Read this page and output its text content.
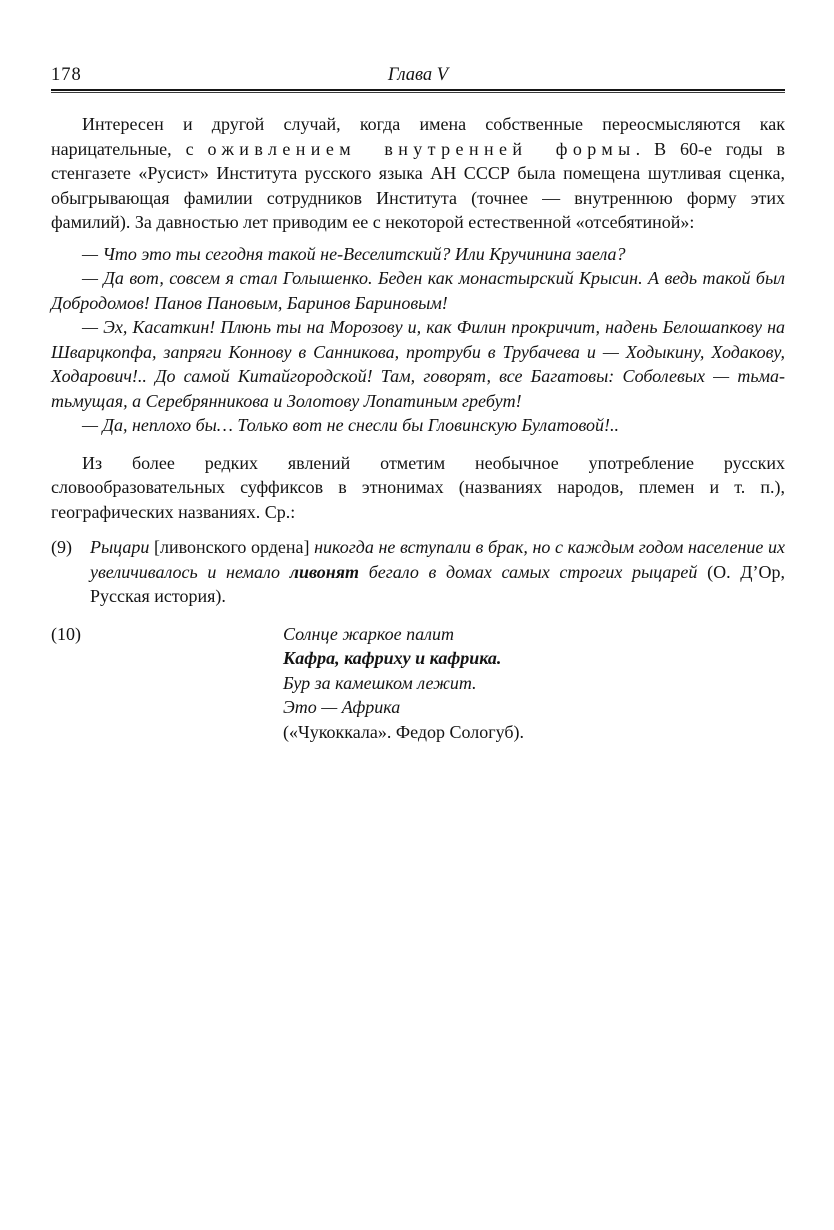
178	Глава V

Интересен и другой случай, когда имена собственные переосмысляются как нарицательные, с оживлением внутренней формы. В 60-е годы в стенгазете «Русист» Института русского языка АН СССР была помещена шутливая сценка, обыгрывающая фамилии сотрудников Института (точнее — внутреннюю форму этих фамилий). За давностью лет приводим ее с некоторой естественной «отсебятиной»:

— Что это ты сегодня такой не-Веселитский? Или Кручинина заела?

— Да вот, совсем я стал Голышенко. Беден как монастырский Крысин. А ведь такой был Добродомов! Панов Пановым, Баринов Бариновым!

— Эх, Касаткин! Плюнь ты на Морозову и, как Филин прокричит, надень Белошапкову на Шварцкопфа, запряги Коннову в Санникова, протруби в Трубачева и — Ходыкину, Ходакову, Ходарович!.. До самой Китайгородской! Там, говорят, все Багатовы: Соболевых — тьма-тьмущая, а Серебрянникова и Золотову Лопатиным гребут!

— Да, неплохо бы… Только вот не снесли бы Гловинскую Булатовой!..

Из более редких явлений отметим необычное употребление русских словообразовательных суффиксов в этнонимах (названиях народов, племен и т. п.), географических названиях. Ср.:

(9)	Рыцари [ливонского ордена] никогда не вступали в брак, но с каждым годом население их увеличивалось и немало ливонят бегало в домах самых строгих рыцарей (О. Д’Ор, Русская история).
(10)	Солнце жаркое палит

Кафра, кафриху и кафрика.

Бур за камешком лежит.

Это — Африка

(«Чукоккала». Федор Сологуб).
